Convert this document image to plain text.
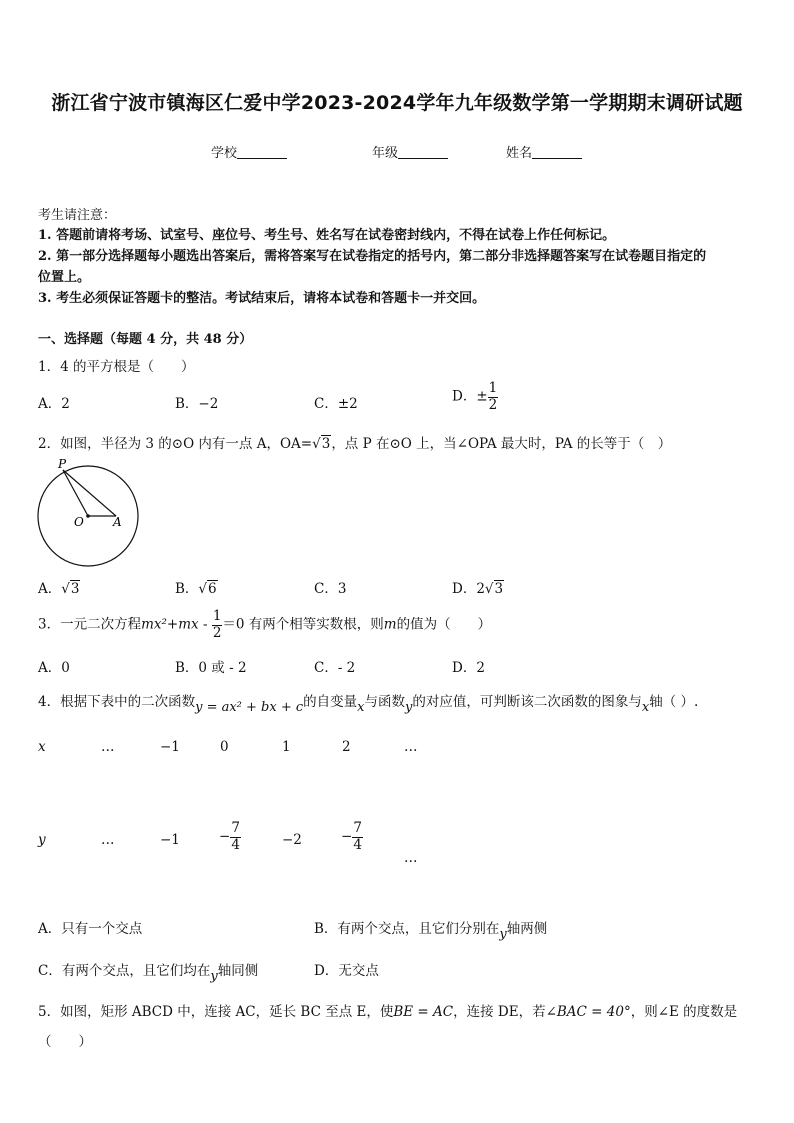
浙江省宁波市镇海区仁爱中学2023-2024学年九年级数学第一学期期末调研试题
学校	年级	姓名
考生请注意：
1. 答题前请将考场、试室号、座位号、考生号、姓名写在试卷密封线内，不得在试卷上作任何标记。
2. 第一部分选择题每小题选出答案后，需将答案写在试卷指定的括号内，第二部分非选择题答案写在试卷题目指定的
位置上。
3. 考生必须保证答题卡的整洁。考试结束后，请将本试卷和答题卡一并交回。
一、选择题（每题 4 分，共 48 分）
1．4 的平方根是（　　）
A．2	B．−2	C．±2	D．± $\frac{1}{2}$
2．如图，半径为 3 的⊙O 内有一点 A，OA=√3，点 P 在⊙O 上，当∠OPA 最大时，PA 的长等于（　）
P
O A
A．√3	B．√6	C．3	D．2√3
3．一元二次方程$mx^2+mx - \frac{1}{2} =0$ 有两个相等实数根，则m的值为（　　）
A．0	B．0 或 - 2	C．- 2	D．2
4．根据下表中的二次函数y = ax² + bx + c的自变量x与函数y的对应值，可判断该二次函数的图象与x轴（ ）.
x	…	−1	0	1	2	…
y	…	−1	− $\frac{7}{4}$	−2	− $\frac{7}{4}$
…
A．只有一个交点	B．有两个交点，且它们分别在y轴两侧
C．有两个交点，且它们均在y轴同侧	D．无交点
5．如图，矩形 ABCD 中，连接 AC，延长 BC 至点 E，使BE = AC，连接 DE，若∠BAC = 40°，则∠E 的度数是
（　　）
